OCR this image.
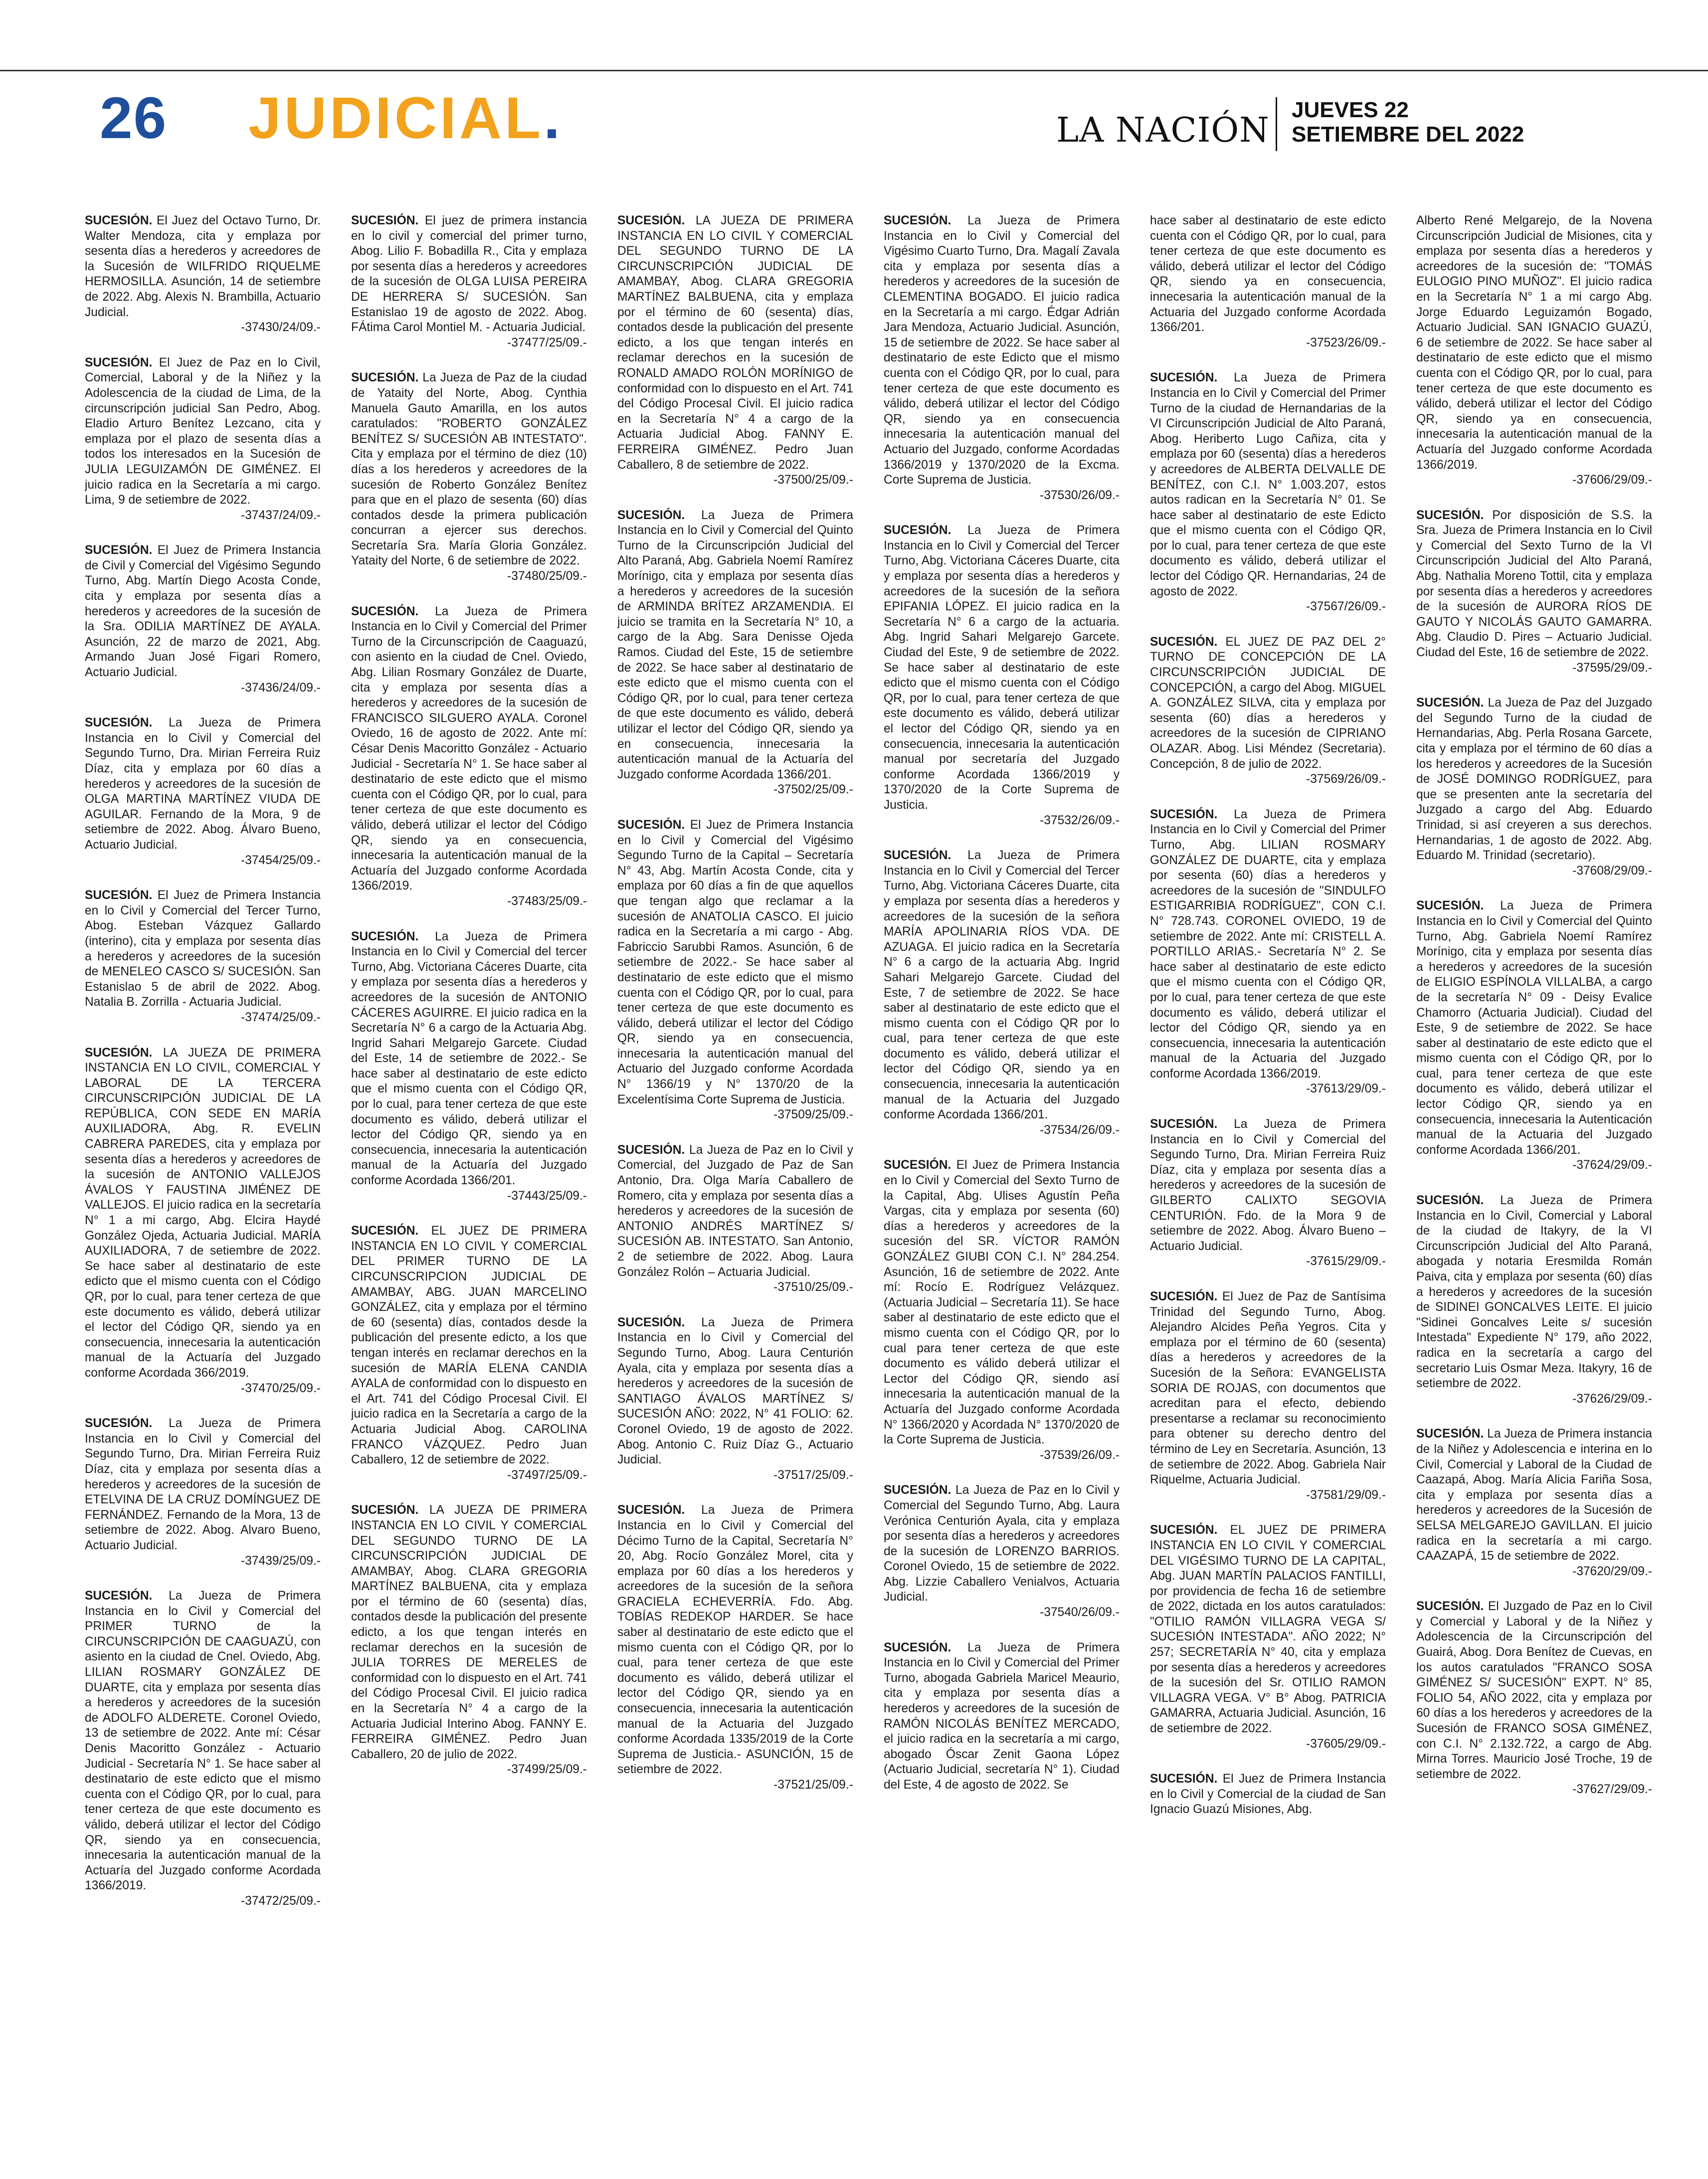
26 JUDICIAL.	LA NACIÓN
JUEVES 22
SETIEMBRE DEL 2022

SUCESIÓN. El Juez del Octavo Turno, Dr. Walter Mendoza, cita y emplaza por sesenta días a herederos y acreedores de la Sucesión de WILFRIDO RIQUELME HERMOSILLA. Asunción, 14 de setiembre de 2022. Abg. Alexis N. Brambilla, Actuario Judicial.
-37430/24/09.-

SUCESIÓN. El Juez de Paz en lo Civil, Comercial, Laboral y de la Niñez y la Adolescencia de la ciudad de Lima, de la circunscripción judicial San Pedro, Abog. Eladio Arturo Benítez Lezcano, cita y emplaza por el plazo de sesenta días a todos los interesados en la Sucesión de JULIA LEGUIZAMÓN DE GIMÉNEZ. El juicio radica en la Secretaría a mi cargo. Lima, 9 de setiembre de 2022.
-37437/24/09.-

SUCESIÓN. El Juez de Primera Instancia de Civil y Comercial del Vigésimo Segundo Turno, Abg. Martín Diego Acosta Conde, cita y emplaza por sesenta días a herederos y acreedores de la sucesión de la Sra. ODILIA MARTÍNEZ DE AYALA. Asunción, 22 de marzo de 2021, Abg. Armando Juan José Figari Romero, Actuario Judicial.
-37436/24/09.-

SUCESIÓN. La Jueza de Primera Instancia en lo Civil y Comercial del Segundo Turno, Dra. Mirian Ferreira Ruiz Díaz, cita y emplaza por 60 días a herederos y acreedores de la sucesión de OLGA MARTINA MARTÍNEZ VIUDA DE AGUILAR. Fernando de la Mora, 9 de setiembre de 2022. Abog. Álvaro Bueno, Actuario Judicial.
-37454/25/09.-

SUCESIÓN. El Juez de Primera Instancia en lo Civil y Comercial del Tercer Turno, Abog. Esteban Vázquez Gallardo (interino), cita y emplaza por sesenta días a herederos y acreedores de la sucesión de MENELEO CASCO S/ SUCESIÓN. San Estanislao 5 de abril de 2022. Abog. Natalia B. Zorrilla - Actuaria Judicial.
-37474/25/09.-

SUCESIÓN. LA JUEZA DE PRIMERA INSTANCIA EN LO CIVIL, COMERCIAL Y LABORAL DE LA TERCERA CIRCUNSCRIPCIÓN JUDICIAL DE LA REPÚBLICA, CON SEDE EN MARÍA AUXILIADORA, Abg. R. EVELIN CABRERA PAREDES, cita y emplaza por sesenta días a herederos y acreedores de la sucesión de ANTONIO VALLEJOS ÁVALOS Y FAUSTINA JIMÉNEZ DE VALLEJOS. El juicio radica en la secretaría N° 1 a mi cargo, Abg. Elcira Haydé González Ojeda, Actuaria Judicial. MARÍA AUXILIADORA, 7 de setiembre de 2022. Se hace saber al destinatario de este edicto que el mismo cuenta con el Código QR, por lo cual, para tener certeza de que este documento es válido, deberá utilizar el lector del Código QR, siendo ya en consecuencia, innecesaria la autenticación manual de la Actuaría del Juzgado conforme Acordada 366/2019.
-37470/25/09.-

SUCESIÓN. La Jueza de Primera Instancia en lo Civil y Comercial del Segundo Turno, Dra. Mirian Ferreira Ruiz Díaz, cita y emplaza por sesenta días a herederos y acreedores de la sucesión de ETELVINA DE LA CRUZ DOMÍNGUEZ DE FERNÁNDEZ. Fernando de la Mora, 13 de setiembre de 2022. Abog. Alvaro Bueno, Actuario Judicial.
-37439/25/09.-

SUCESIÓN. La Jueza de Primera Instancia en lo Civil y Comercial del PRIMER TURNO de la CIRCUNSCRIPCIÓN DE CAAGUAZÚ, con asiento en la ciudad de Cnel. Oviedo, Abg. LILIAN ROSMARY GONZÁLEZ DE DUARTE, cita y emplaza por sesenta días a herederos y acreedores de la sucesión de ADOLFO ALDERETE. Coronel Oviedo, 13 de setiembre de 2022. Ante mí: César Denis Macoritto González - Actuario Judicial - Secretaría N° 1. Se hace saber al destinatario de este edicto que el mismo cuenta con el Código QR, por lo cual, para tener certeza de que este documento es válido, deberá utilizar el lector del Código QR, siendo ya en consecuencia, innecesaria la autenticación manual de la Actuaría del Juzgado conforme Acordada 1366/2019.
-37472/25/09.-

SUCESIÓN. El juez de primera instancia en lo civil y comercial del primer turno, Abog. Lilio F. Bobadilla R., Cita y emplaza por sesenta días a herederos y acreedores de la sucesión de OLGA LUISA PEREIRA DE HERRERA S/ SUCESIÓN. San Estanislao 19 de agosto de 2022. Abog. FÁtima Carol Montiel M. - Actuaria Judicial.
-37477/25/09.-

SUCESIÓN. La Jueza de Paz de la ciudad de Yataity del Norte, Abog. Cynthia Manuela Gauto Amarilla, en los autos caratulados: "ROBERTO GONZÁLEZ BENÍTEZ S/ SUCESIÓN AB INTESTATO". Cita y emplaza por el término de diez (10) días a los herederos y acreedores de la sucesión de Roberto González Benítez para que en el plazo de sesenta (60) días contados desde la primera publicación concurran a ejercer sus derechos. Secretaría Sra. María Gloria González. Yataity del Norte, 6 de setiembre de 2022.
-37480/25/09.-

SUCESIÓN. La Jueza de Primera Instancia en lo Civil y Comercial del Primer Turno de la Circunscripción de Caaguazú, con asiento en la ciudad de Cnel. Oviedo, Abg. Lilian Rosmary González de Duarte, cita y emplaza por sesenta días a herederos y acreedores de la sucesión de FRANCISCO SILGUERO AYALA. Coronel Oviedo, 16 de agosto de 2022. Ante mí: César Denis Macoritto González - Actuario Judicial - Secretaría N° 1. Se hace saber al destinatario de este edicto que el mismo cuenta con el Código QR, por lo cual, para tener certeza de que este documento es válido, deberá utilizar el lector del Código QR, siendo ya en consecuencia, innecesaria la autenticación manual de la Actuaría del Juzgado conforme Acordada 1366/2019.
-37483/25/09.-

SUCESIÓN. La Jueza de Primera Instancia en lo Civil y Comercial del tercer Turno, Abg. Victoriana Cáceres Duarte, cita y emplaza por sesenta días a herederos y acreedores de la sucesión de ANTONIO CÁCERES AGUIRRE. El juicio radica en la Secretaría N° 6 a cargo de la Actuaria Abg. Ingrid Sahari Melgarejo Garcete. Ciudad del Este, 14 de setiembre de 2022.- Se hace saber al destinatario de este edicto que el mismo cuenta con el Código QR, por lo cual, para tener certeza de que este documento es válido, deberá utilizar el lector del Código QR, siendo ya en consecuencia, innecesaria la autenticación manual de la Actuaría del Juzgado conforme Acordada 1366/201.
-37443/25/09.-

SUCESIÓN. EL JUEZ DE PRIMERA INSTANCIA EN LO CIVIL Y COMERCIAL DEL PRIMER TURNO DE LA CIRCUNSCRIPCION JUDICIAL DE AMAMBAY, ABG. JUAN MARCELINO GONZÁLEZ, cita y emplaza por el término de 60 (sesenta) días, contados desde la publicación del presente edicto, a los que tengan interés en reclamar derechos en la sucesión de MARÍA ELENA CANDIA AYALA de conformidad con lo dispuesto en el Art. 741 del Código Procesal Civil. El juicio radica en la Secretaría a cargo de la Actuaria Judicial Abog. CAROLINA FRANCO VÁZQUEZ. Pedro Juan Caballero, 12 de setiembre de 2022.
-37497/25/09.-

SUCESIÓN. LA JUEZA DE PRIMERA INSTANCIA EN LO CIVIL Y COMERCIAL DEL SEGUNDO TURNO DE LA CIRCUNSCRIPCIÓN JUDICIAL DE AMAMBAY, Abog. CLARA GREGORIA MARTÍNEZ BALBUENA, cita y emplaza por el término de 60 (sesenta) días, contados desde la publicación del presente edicto, a los que tengan interés en reclamar derechos en la sucesión de JULIA TORRES DE MERELES de conformidad con lo dispuesto en el Art. 741 del Código Procesal Civil. El juicio radica en la Secretaría N° 4 a cargo de la Actuaria Judicial Interino Abog. FANNY E. FERREIRA GIMÉNEZ. Pedro Juan Caballero, 20 de julio de 2022.
-37499/25/09.-

SUCESIÓN. LA JUEZA DE PRIMERA INSTANCIA EN LO CIVIL Y COMERCIAL DEL SEGUNDO TURNO DE LA CIRCUNSCRIPCIÓN JUDICIAL DE AMAMBAY, Abog. CLARA GREGORIA MARTÍNEZ BALBUENA, cita y emplaza por el término de 60 (sesenta) días, contados desde la publicación del presente edicto, a los que tengan interés en reclamar derechos en la sucesión de RONALD AMADO ROLÓN MORÍNIGO de conformidad con lo dispuesto en el Art. 741 del Código Procesal Civil. El juicio radica en la Secretaría N° 4 a cargo de la Actuaria Judicial Abog. FANNY E. FERREIRA GIMÉNEZ. Pedro Juan Caballero, 8 de setiembre de 2022.
-37500/25/09.-

SUCESIÓN. La Jueza de Primera Instancia en lo Civil y Comercial del Quinto Turno de la Circunscripción Judicial del Alto Paraná, Abg. Gabriela Noemí Ramírez Morínigo, cita y emplaza por sesenta días a herederos y acreedores de la sucesión de ARMINDA BRÍTEZ ARZAMENDIA. El juicio se tramita en la Secretaría N° 10, a cargo de la Abg. Sara Denisse Ojeda Ramos. Ciudad del Este, 15 de setiembre de 2022. Se hace saber al destinatario de este edicto que el mismo cuenta con el Código QR, por lo cual, para tener certeza de que este documento es válido, deberá utilizar el lector del Código QR, siendo ya en consecuencia, innecesaria la autenticación manual de la Actuaría del Juzgado conforme Acordada 1366/201.
-37502/25/09.-

SUCESIÓN. El Juez de Primera Instancia en lo Civil y Comercial del Vigésimo Segundo Turno de la Capital – Secretaría N° 43, Abg. Martín Acosta Conde, cita y emplaza por 60 días a fin de que aquellos que tengan algo que reclamar a la sucesión de ANATOLIA CASCO. El juicio radica en la Secretaría a mi cargo - Abg. Fabriccio Sarubbi Ramos. Asunción, 6 de setiembre de 2022.- Se hace saber al destinatario de este edicto que el mismo cuenta con el Código QR, por lo cual, para tener certeza de que este documento es válido, deberá utilizar el lector del Código QR, siendo ya en consecuencia, innecesaria la autenticación manual del Actuario del Juzgado conforme Acordada N° 1366/19 y N° 1370/20 de la Excelentísima Corte Suprema de Justicia.
-37509/25/09.-

SUCESIÓN. La Jueza de Paz en lo Civil y Comercial, del Juzgado de Paz de San Antonio, Dra. Olga María Caballero de Romero, cita y emplaza por sesenta días a herederos y acreedores de la sucesión de ANTONIO ANDRÉS MARTÍNEZ S/ SUCESIÓN AB. INTESTATO. San Antonio, 2 de setiembre de 2022. Abog. Laura González Rolón – Actuaria Judicial.
-37510/25/09.-

SUCESIÓN. La Jueza de Primera Instancia en lo Civil y Comercial del Segundo Turno, Abog. Laura Centurión Ayala, cita y emplaza por sesenta días a herederos y acreedores de la sucesión de SANTIAGO ÁVALOS MARTÍNEZ S/ SUCESIÓN AÑO: 2022, N° 41 FOLIO: 62. Coronel Oviedo, 19 de agosto de 2022. Abog. Antonio C. Ruiz Díaz G., Actuario Judicial.
-37517/25/09.-

SUCESIÓN. La Jueza de Primera Instancia en lo Civil y Comercial del Décimo Turno de la Capital, Secretaría N° 20, Abg. Rocío González Morel, cita y emplaza por 60 días a los herederos y acreedores de la sucesión de la señora GRACIELA ECHEVERRÍA. Fdo. Abg. TOBÍAS REDEKOP HARDER. Se hace saber al destinatario de este edicto que el mismo cuenta con el Código QR, por lo cual, para tener certeza de que este documento es válido, deberá utilizar el lector del Código QR, siendo ya en consecuencia, innecesaria la autenticación manual de la Actuaria del Juzgado conforme Acordada 1335/2019 de la Corte Suprema de Justicia.- ASUNCIÓN, 15 de setiembre de 2022.
-37521/25/09.-

SUCESIÓN. La Jueza de Primera Instancia en lo Civil y Comercial del Vigésimo Cuarto Turno, Dra. Magalí Zavala cita y emplaza por sesenta días a herederos y acreedores de la sucesión de CLEMENTINA BOGADO. El juicio radica en la Secretaría a mi cargo. Édgar Adrián Jara Mendoza, Actuario Judicial. Asunción, 15 de setiembre de 2022. Se hace saber al destinatario de este Edicto que el mismo cuenta con el Código QR, por lo cual, para tener certeza de que este documento es válido, deberá utilizar el lector del Código QR, siendo ya en consecuencia innecesaria la autenticación manual del Actuario del Juzgado, conforme Acordadas 1366/2019 y 1370/2020 de la Excma. Corte Suprema de Justicia.
-37530/26/09.-

SUCESIÓN. La Jueza de Primera Instancia en lo Civil y Comercial del Tercer Turno, Abg. Victoriana Cáceres Duarte, cita y emplaza por sesenta días a herederos y acreedores de la sucesión de la señora EPIFANIA LÓPEZ. El juicio radica en la Secretaría N° 6 a cargo de la actuaria. Abg. Ingrid Sahari Melgarejo Garcete. Ciudad del Este, 9 de setiembre de 2022. Se hace saber al destinatario de este edicto que el mismo cuenta con el Código QR, por lo cual, para tener certeza de que este documento es válido, deberá utilizar el lector del Código QR, siendo ya en consecuencia, innecesaria la autenticación manual por secretaría del Juzgado conforme Acordada 1366/2019 y 1370/2020 de la Corte Suprema de Justicia.
-37532/26/09.-

SUCESIÓN. La Jueza de Primera Instancia en lo Civil y Comercial del Tercer Turno, Abg. Victoriana Cáceres Duarte, cita y emplaza por sesenta días a herederos y acreedores de la sucesión de la señora MARÍA APOLINARIA RÍOS VDA. DE AZUAGA. El juicio radica en la Secretaría N° 6 a cargo de la actuaria Abg. Ingrid Sahari Melgarejo Garcete. Ciudad del Este, 7 de setiembre de 2022. Se hace saber al destinatario de este edicto que el mismo cuenta con el Código QR por lo cual, para tener certeza de que este documento es válido, deberá utilizar el lector del Código QR, siendo ya en consecuencia, innecesaria la autenticación manual de la Actuaria del Juzgado conforme Acordada 1366/201.
-37534/26/09.-

SUCESIÓN. El Juez de Primera Instancia en lo Civil y Comercial del Sexto Turno de la Capital, Abg. Ulises Agustín Peña Vargas, cita y emplaza por sesenta (60) días a herederos y acreedores de la sucesión del SR. VÍCTOR RAMÓN GONZÁLEZ GIUBI CON C.I. N° 284.254. Asunción, 16 de setiembre de 2022. Ante mí: Rocío E. Rodríguez Velázquez. (Actuaria Judicial – Secretaría 11). Se hace saber al destinatario de este edicto que el mismo cuenta con el Código QR, por lo cual para tener certeza de que este documento es válido deberá utilizar el Lector del Código QR, siendo así innecesaria la autenticación manual de la Actuaría del Juzgado conforme Acordada N° 1366/2020 y Acordada N° 1370/2020 de la Corte Suprema de Justicia.
-37539/26/09.-

SUCESIÓN. La Jueza de Paz en lo Civil y Comercial del Segundo Turno, Abg. Laura Verónica Centurión Ayala, cita y emplaza por sesenta días a herederos y acreedores de la sucesión de LORENZO BARRIOS. Coronel Oviedo, 15 de setiembre de 2022. Abg. Lizzie Caballero Venialvos, Actuaria Judicial.
-37540/26/09.-

SUCESIÓN. La Jueza de Primera Instancia en lo Civil y Comercial del Primer Turno, abogada Gabriela Maricel Meaurio, cita y emplaza por sesenta días a herederos y acreedores de la sucesión de RAMÓN NICOLÁS BENÍTEZ MERCADO, el juicio radica en la secretaría a mi cargo, abogado Óscar Zenit Gaona López (Actuario Judicial, secretaría N° 1). Ciudad del Este, 4 de agosto de 2022. Se

hace saber al destinatario de este edicto cuenta con el Código QR, por lo cual, para tener certeza de que este documento es válido, deberá utilizar el lector del Código QR, siendo ya en consecuencia, innecesaria la autenticación manual de la Actuaria del Juzgado conforme Acordada 1366/201.
-37523/26/09.-

SUCESIÓN. La Jueza de Primera Instancia en lo Civil y Comercial del Primer Turno de la ciudad de Hernandarias de la VI Circunscripción Judicial de Alto Paraná, Abog. Heriberto Lugo Cañiza, cita y emplaza por 60 (sesenta) días a herederos y acreedores de ALBERTA DELVALLE DE BENÍTEZ, con C.I. N° 1.003.207, estos autos radican en la Secretaría N° 01. Se hace saber al destinatario de este Edicto que el mismo cuenta con el Código QR, por lo cual, para tener certeza de que este documento es válido, deberá utilizar el lector del Código QR. Hernandarias, 24 de agosto de 2022.
-37567/26/09.-

SUCESIÓN. EL JUEZ DE PAZ DEL 2° TURNO DE CONCEPCIÓN DE LA CIRCUNSCRIPCIÓN JUDICIAL DE CONCEPCIÓN, a cargo del Abog. MIGUEL A. GONZÁLEZ SILVA, cita y emplaza por sesenta (60) días a herederos y acreedores de la sucesión de CIPRIANO OLAZAR. Abog. Lisi Méndez (Secretaria). Concepción, 8 de julio de 2022.
-37569/26/09.-

SUCESIÓN. La Jueza de Primera Instancia en lo Civil y Comercial del Primer Turno, Abg. LILIAN ROSMARY GONZÁLEZ DE DUARTE, cita y emplaza por sesenta (60) días a herederos y acreedores de la sucesión de "SINDULFO ESTIGARRIBIA RODRÍGUEZ", CON C.I. N° 728.743. CORONEL OVIEDO, 19 de setiembre de 2022. Ante mí: CRISTELL A. PORTILLO ARIAS.- Secretaría N° 2. Se hace saber al destinatario de este edicto que el mismo cuenta con el Código QR, por lo cual, para tener certeza de que este documento es válido, deberá utilizar el lector del Código QR, siendo ya en consecuencia, innecesaria la autenticación manual de la Actuaria del Juzgado conforme Acordada 1366/2019.
-37613/29/09.-

SUCESIÓN. La Jueza de Primera Instancia en lo Civil y Comercial del Segundo Turno, Dra. Mirian Ferreira Ruiz Díaz, cita y emplaza por sesenta días a herederos y acreedores de la sucesión de GILBERTO CALIXTO SEGOVIA CENTURIÓN. Fdo. de la Mora 9 de setiembre de 2022. Abog. Álvaro Bueno – Actuario Judicial.
-37615/29/09.-

SUCESIÓN. El Juez de Paz de Santísima Trinidad del Segundo Turno, Abog. Alejandro Alcides Peña Yegros. Cita y emplaza por el término de 60 (sesenta) días a herederos y acreedores de la Sucesión de la Señora: EVANGELISTA SORIA DE ROJAS, con documentos que acreditan para el efecto, debiendo presentarse a reclamar su reconocimiento para obtener su derecho dentro del término de Ley en Secretaría. Asunción, 13 de setiembre de 2022. Abog. Gabriela Nair Riquelme, Actuaria Judicial.
-37581/29/09.-

SUCESIÓN. EL JUEZ DE PRIMERA INSTANCIA EN LO CIVIL Y COMERCIAL DEL VIGÉSIMO TURNO DE LA CAPITAL, Abg. JUAN MARTÍN PALACIOS FANTILLI, por providencia de fecha 16 de setiembre de 2022, dictada en los autos caratulados: "OTILIO RAMÓN VILLAGRA VEGA S/ SUCESIÓN INTESTADA". AÑO 2022; N° 257; SECRETARÍA N° 40, cita y emplaza por sesenta días a herederos y acreedores de la sucesión del Sr. OTILIO RAMON VILLAGRA VEGA. V° B° Abog. PATRICIA GAMARRA, Actuaria Judicial. Asunción, 16 de setiembre de 2022.
-37605/29/09.-

SUCESIÓN. El Juez de Primera Instancia en lo Civil y Comercial de la ciudad de San Ignacio Guazú Misiones, Abg.

Alberto René Melgarejo, de la Novena Circunscripción Judicial de Misiones, cita y emplaza por sesenta días a herederos y acreedores de la sucesión de: "TOMÁS EULOGIO PINO MUÑOZ". El juicio radica en la Secretaría N° 1 a mi cargo Abg. Jorge Eduardo Leguizamón Bogado, Actuario Judicial. SAN IGNACIO GUAZÚ, 6 de setiembre de 2022. Se hace saber al destinatario de este edicto que el mismo cuenta con el Código QR, por lo cual, para tener certeza de que este documento es válido, deberá utilizar el lector del Código QR, siendo ya en consecuencia, innecesaria la autenticación manual de la Actuaría del Juzgado conforme Acordada 1366/2019.
-37606/29/09.-

SUCESIÓN. Por disposición de S.S. la Sra. Jueza de Primera Instancia en lo Civil y Comercial del Sexto Turno de la VI Circunscripción Judicial del Alto Paraná, Abg. Nathalia Moreno Tottil, cita y emplaza por sesenta días a herederos y acreedores de la sucesión de AURORA RÍOS DE GAUTO Y NICOLÁS GAUTO GAMARRA. Abg. Claudio D. Pires – Actuario Judicial. Ciudad del Este, 16 de setiembre de 2022.
-37595/29/09.-

SUCESIÓN. La Jueza de Paz del Juzgado del Segundo Turno de la ciudad de Hernandarias, Abg. Perla Rosana Garcete, cita y emplaza por el término de 60 días a los herederos y acreedores de la Sucesión de JOSÉ DOMINGO RODRÍGUEZ, para que se presenten ante la secretaría del Juzgado a cargo del Abg. Eduardo Trinidad, si así creyeren a sus derechos. Hernandarias, 1 de agosto de 2022. Abg. Eduardo M. Trinidad (secretario).
-37608/29/09.-

SUCESIÓN. La Jueza de Primera Instancia en lo Civil y Comercial del Quinto Turno, Abg. Gabriela Noemí Ramírez Morínigo, cita y emplaza por sesenta días a herederos y acreedores de la sucesión de ELIGIO ESPÍNOLA VILLALBA, a cargo de la secretaría N° 09 - Deisy Evalice Chamorro (Actuaria Judicial). Ciudad del Este, 9 de setiembre de 2022. Se hace saber al destinatario de este edicto que el mismo cuenta con el Código QR, por lo cual, para tener certeza de que este documento es válido, deberá utilizar el lector Código QR, siendo ya en consecuencia, innecesaria la Autenticación manual de la Actuaria del Juzgado conforme Acordada 1366/201.
-37624/29/09.-

SUCESIÓN. La Jueza de Primera Instancia en lo Civil, Comercial y Laboral de la ciudad de Itakyry, de la VI Circunscripción Judicial del Alto Paraná, abogada y notaria Eresmilda Román Paiva, cita y emplaza por sesenta (60) días a herederos y acreedores de la sucesión de SIDINEI GONCALVES LEITE. El juicio "Sidinei Goncalves Leite s/ sucesión Intestada" Expediente N° 179, año 2022, radica en la secretaría a cargo del secretario Luis Osmar Meza. Itakyry, 16 de setiembre de 2022.
-37626/29/09.-

SUCESIÓN. La Jueza de Primera instancia de la Niñez y Adolescencia e interina en lo Civil, Comercial y Laboral de la Ciudad de Caazapá, Abog. María Alicia Fariña Sosa, cita y emplaza por sesenta días a herederos y acreedores de la Sucesión de SELSA MELGAREJO GAVILLAN. El juicio radica en la secretaría a mi cargo. CAAZAPÁ, 15 de setiembre de 2022.
-37620/29/09.-

SUCESIÓN. El Juzgado de Paz en lo Civil y Comercial y Laboral y de la Niñez y Adolescencia de la Circunscripción del Guairá, Abog. Dora Benítez de Cuevas, en los autos caratulados "FRANCO SOSA GIMÉNEZ S/ SUCESIÓN" EXPT. N° 85, FOLIO 54, AÑO 2022, cita y emplaza por 60 días a los herederos y acreedores de la Sucesión de FRANCO SOSA GIMÉNEZ, con C.I. N° 2.132.722, a cargo de Abg. Mirna Torres. Mauricio José Troche, 19 de setiembre de 2022.
-37627/29/09.-
